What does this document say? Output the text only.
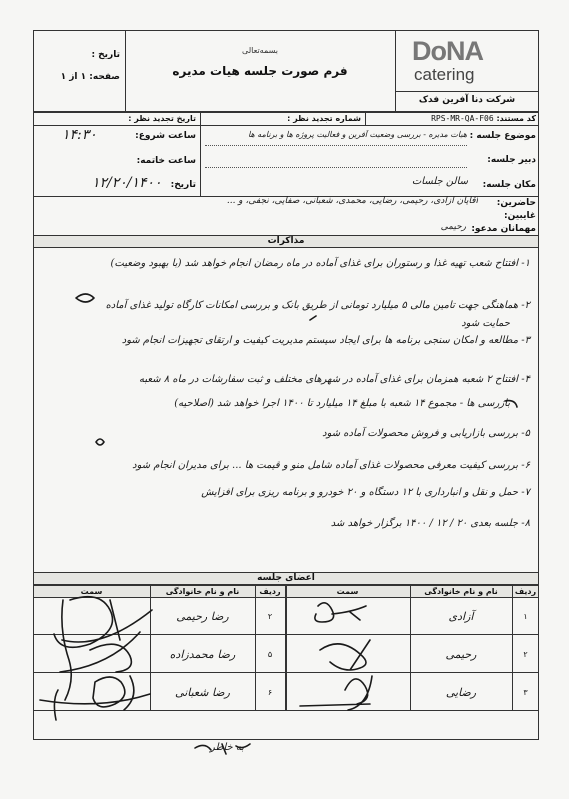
DoNA
catering
شرکت دنا آفرین فدک
بسمه‌تعالی
فرم صورت جلسه هیات مدیره
تاریخ :
صفحه: ۱ از ۱
کد مستند: RPS-MR-QA-F06
شماره تجدید نظر :
تاریخ تجدید نظر :
موضوع جلسه :
هیات مدیره - بررسی وضعیت آفرین و فعالیت پروژه ها و برنامه ها
دبیر جلسه:
ساعت شروع:
۱۴:۳۰
ساعت خاتمه:
تاریخ:
۱۲/۲۰/۱۴۰۰	مکان جلسه:
سالن جلسات
حاضرین:
آقایان آزادی، رحیمی، رضایی، محمدی، شعبانی، صفایی، نجفی، و ...
غایبین:
مهمانان مدعو:
رحیمی
مذاکرات
۱- افتتاح شعب تهیه غذا و رستوران برای غذای آماده در ماه رمضان انجام خواهد شد (با بهبود وضعیت)
۲- هماهنگی جهت تامین مالی ۵ میلیارد تومانی از طریق بانک و بررسی امکانات کارگاه تولید غذای آماده
حمایت شود
۳- مطالعه و امکان سنجی برنامه ها برای ایجاد سیستم مدیریت کیفیت و ارتقای تجهیزات انجام شود
۴- افتتاح ۲ شعبه همزمان برای غذای آماده در شهرهای مختلف و ثبت سفارشات در ماه ۸ شعبه
بازرسی ها - مجموع ۱۴ شعبه با مبلغ ۱۴ میلیارد تا ۱۴۰۰ اجرا خواهد شد (اصلاحیه)
۵- بررسی بازاریابی و فروش محصولات آماده شود
۶- بررسی کیفیت معرفی محصولات غذای آماده شامل منو و قیمت ها ... برای مدیران انجام شود
۷- حمل و نقل و انبارداری با ۱۲ دستگاه و ۲۰ خودرو و برنامه ریزی برای افزایش
۸- جلسه بعدی ۲۰ / ۱۲ / ۱۴۰۰ برگزار خواهد شد
اعضای جلسه
ردیف
نام و نام خانوادگی
سمت
ردیف
نام و نام خانوادگی
سمت
۱
آزادی
۲
رحیمی
۳
رضایی
۲
رضا رحیمی
۵
رضا محمدزاده
۶
رضا شعبانی
به خاطر
